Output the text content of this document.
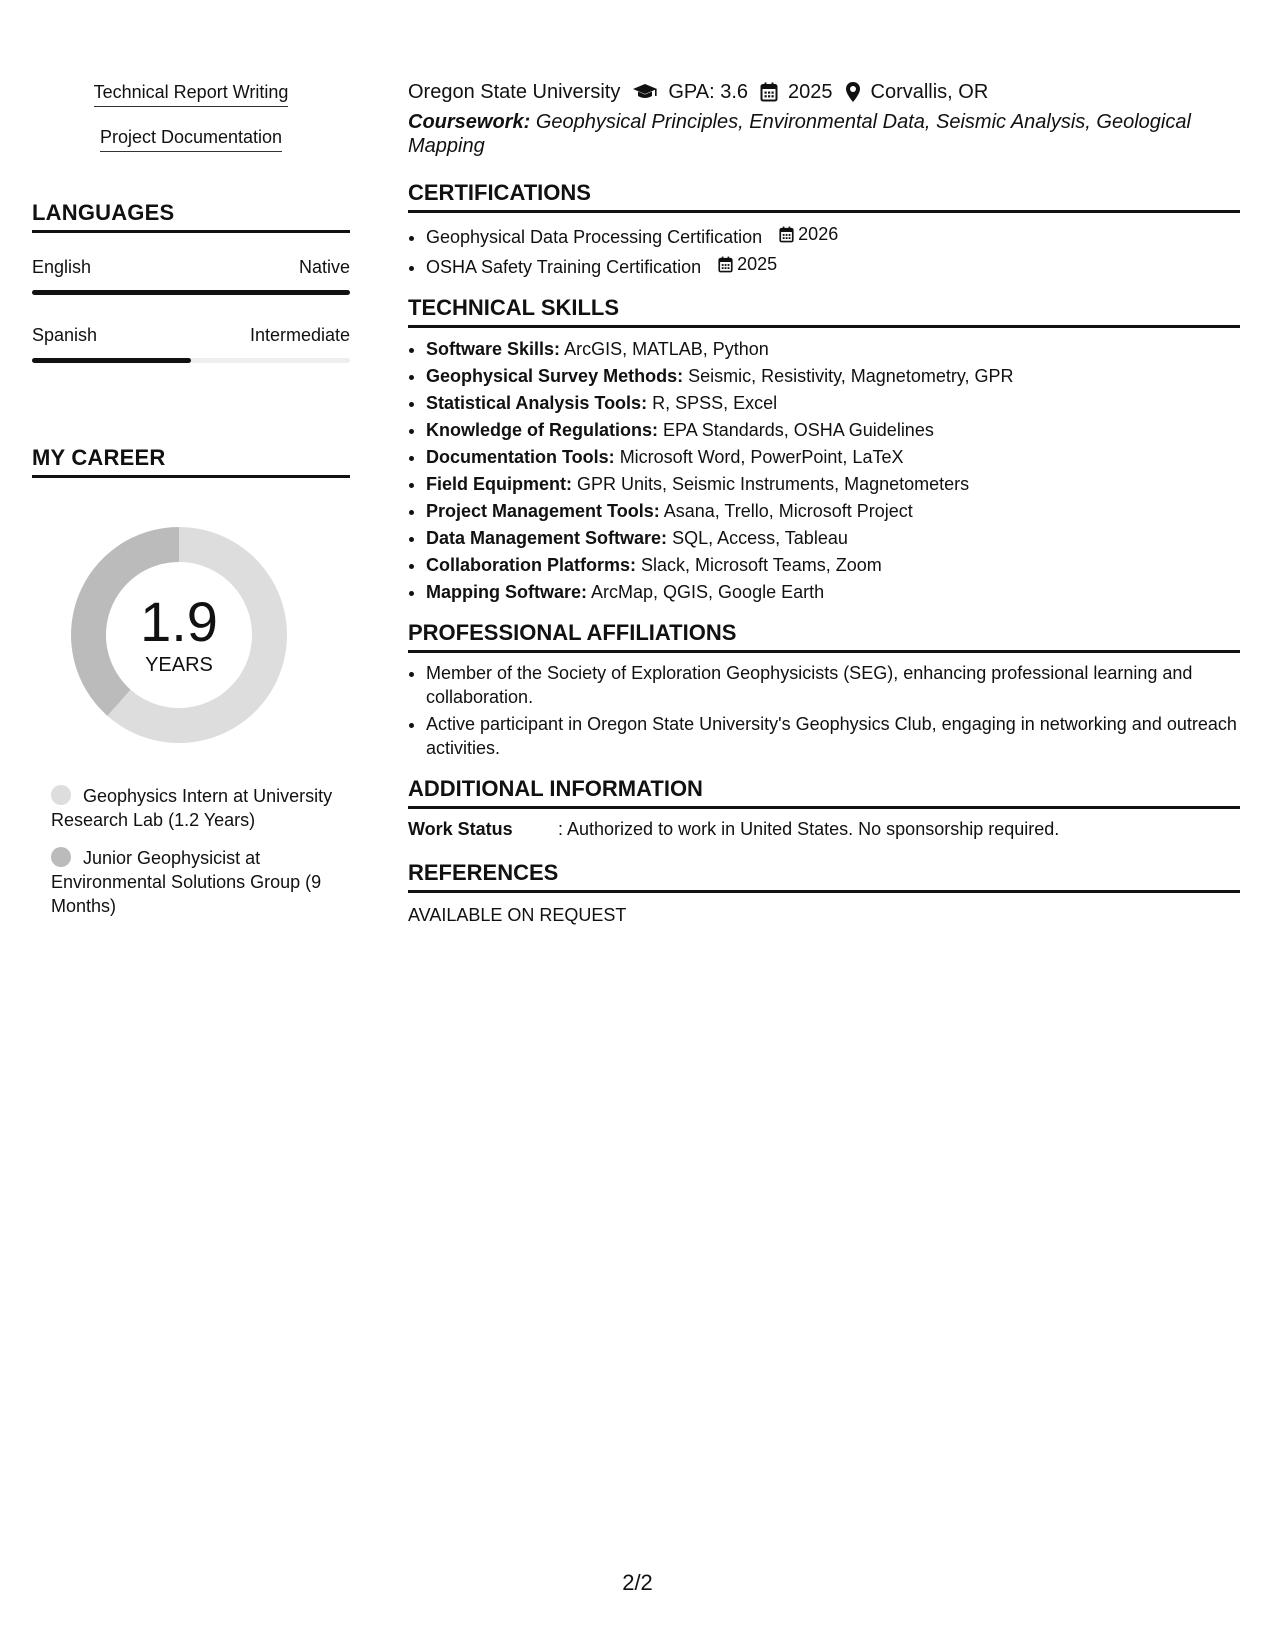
Technical Report Writing
Project Documentation
LANGUAGES
English	Native
Spanish	Intermediate
MY CAREER
1.9
YEARS
Geophysics Intern at University Research Lab (1.2 Years)
Junior Geophysicist at Environmental Solutions Group (9 Months)
Oregon State University GPA: 3.6 2025 Corvallis, OR
Coursework: Geophysical Principles, Environmental Data, Seismic Analysis, Geological Mapping
CERTIFICATIONS
• Geophysical Data Processing Certification 2026
• OSHA Safety Training Certification 2025
TECHNICAL SKILLS
• Software Skills: ArcGIS, MATLAB, Python
• Geophysical Survey Methods: Seismic, Resistivity, Magnetometry, GPR
• Statistical Analysis Tools: R, SPSS, Excel
• Knowledge of Regulations: EPA Standards, OSHA Guidelines
• Documentation Tools: Microsoft Word, PowerPoint, LaTeX
• Field Equipment: GPR Units, Seismic Instruments, Magnetometers
• Project Management Tools: Asana, Trello, Microsoft Project
• Data Management Software: SQL, Access, Tableau
• Collaboration Platforms: Slack, Microsoft Teams, Zoom
• Mapping Software: ArcMap, QGIS, Google Earth
PROFESSIONAL AFFILIATIONS
• Member of the Society of Exploration Geophysicists (SEG), enhancing professional learning and collaboration.
• Active participant in Oregon State University's Geophysics Club, engaging in networking and outreach activities.
ADDITIONAL INFORMATION
Work Status	: Authorized to work in United States. No sponsorship required.
REFERENCES
AVAILABLE ON REQUEST
2/2
